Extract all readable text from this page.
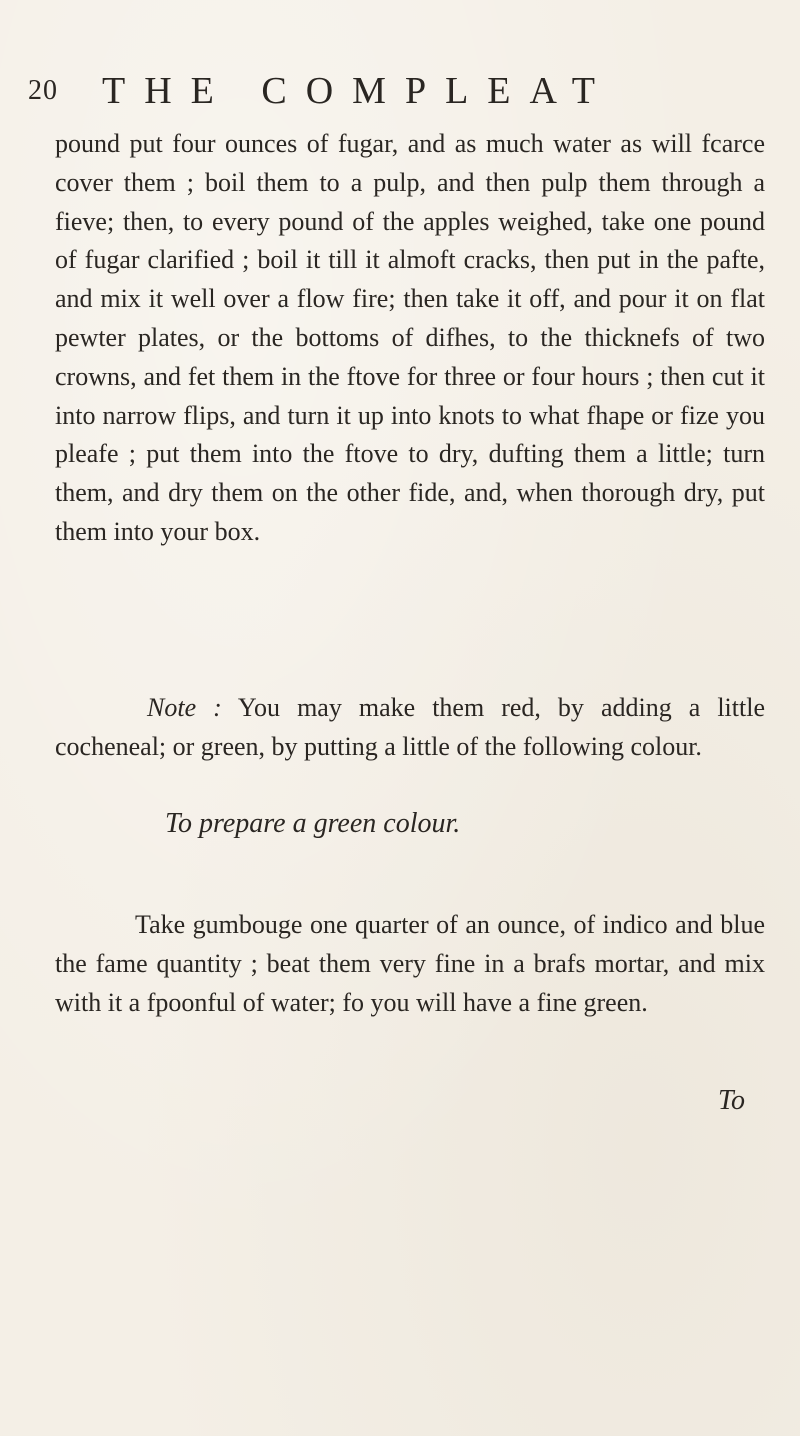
20	THE COMPLEAT

pound put four ounces of fugar, and as much water as will fcarce cover them ; boil them to a pulp, and then pulp them through a fieve; then, to every pound of the apples weighed, take one pound of fugar clarified ; boil it till it almoft cracks, then put in the pafte, and mix it well over a flow fire; then take it off, and pour it on flat pewter plates, or the bottoms of difhes, to the thicknefs of two crowns, and fet them in the ftove for three or four hours ; then cut it into narrow flips, and turn it up into knots to what fhape or fize you pleafe ; put them into the ftove to dry, dufting them a little; turn them, and dry them on the other fide, and, when thorough dry, put them into your box.

Note : You may make them red, by adding a little cocheneal; or green, by putting a little of the following colour.

To prepare a green colour.

Take gumbouge one quarter of an ounce, of indico and blue the fame quantity ; beat them very fine in a brafs mortar, and mix with it a fpoonful of water; fo you will have a fine green.

To
